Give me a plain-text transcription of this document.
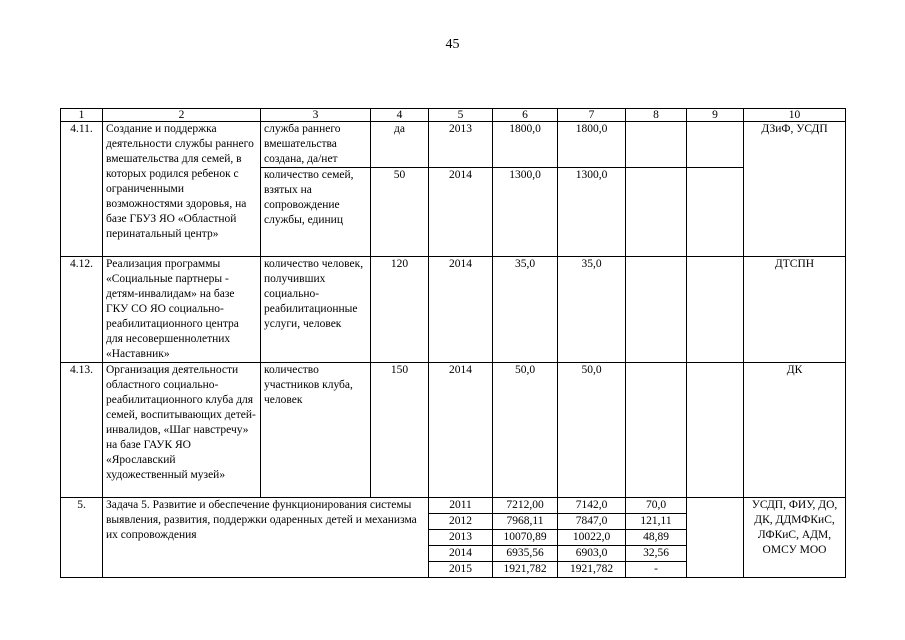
45
1	2	3	4	5	6	7	8	9	10
4.11.	Создание и поддержка деятельности службы раннего вмешательства для семей, в которых родился ребенок с ограниченными возможностями здоровья, на базе ГБУЗ ЯО «Областной перинатальный центр»	служба раннего вмешательства создана, да/нет	да	2013	1800,0	1800,0			ДЗиФ, УСДП
		количество семей, взятых на сопровождение службы, единиц	50	2014	1300,0	1300,0			
4.12.	Реализация программы «Социальные партнеры - детям-инвалидам» на базе ГКУ СО ЯО социально-реабилитационного центра для несовершеннолетних «Наставник»	количество человек, получивших социально-реабилитационные услуги, человек	120	2014	35,0	35,0			ДТСПН
4.13.	Организация деятельности областного социально-реабилитационного клуба для семей, воспитывающих детей-инвалидов, «Шаг навстречу» на базе ГАУК ЯО «Ярославский художественный музей»	количество участников клуба, человек	150	2014	50,0	50,0			ДК
5.	Задача 5. Развитие и обеспечение функционирования системы выявления, развития, поддержки одаренных детей и механизма их сопровождения			2011	7212,00	7142,0	70,0		УСДП, ФИУ, ДО, ДК, ДДМФКиС, ЛФКиС, АДМ, ОМСУ МОО
				2012	7968,11	7847,0	121,11		
				2013	10070,89	10022,0	48,89		
				2014	6935,56	6903,0	32,56		
				2015	1921,782	1921,782	-		
